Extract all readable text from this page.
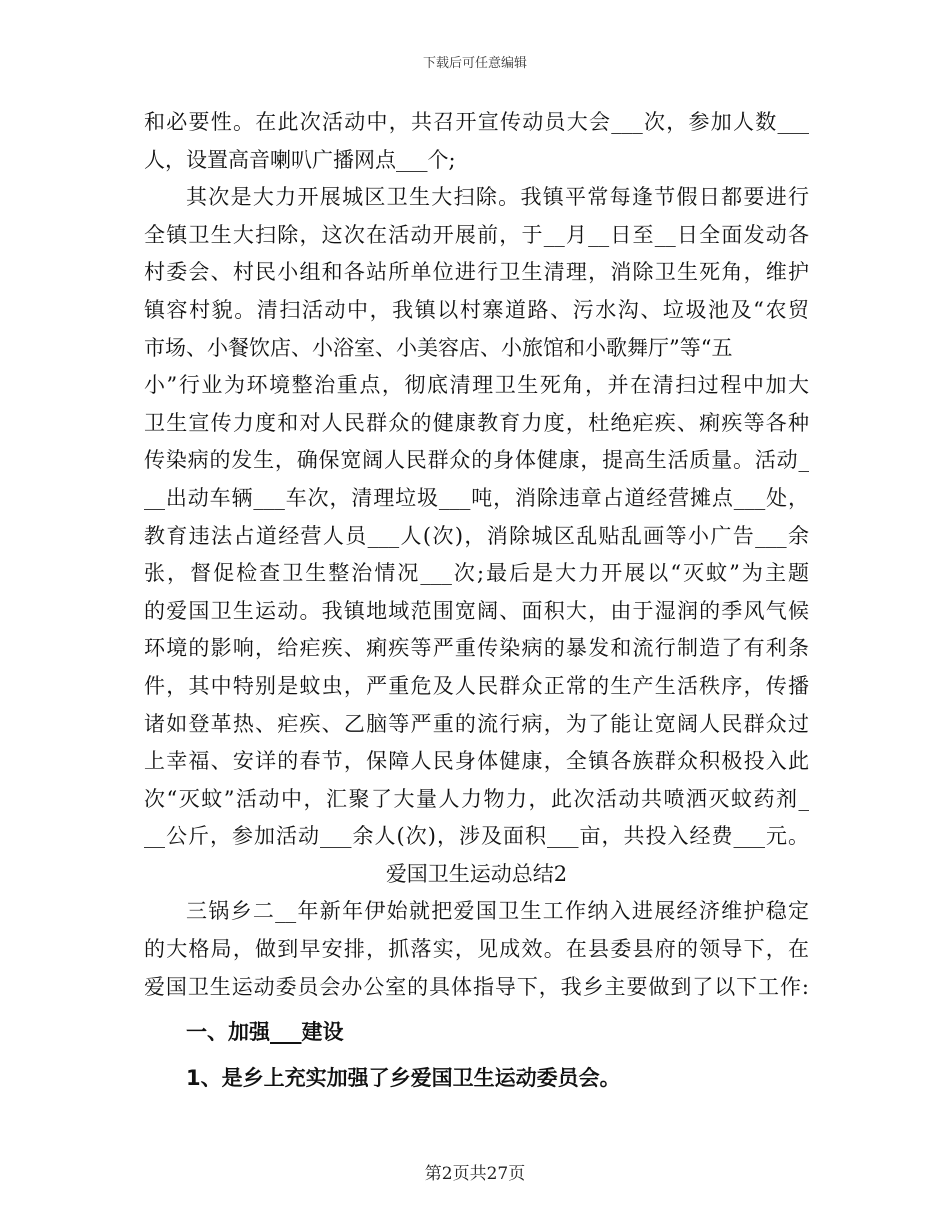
下载后可任意编辑
和必要性。在此次活动中，共召开宣传动员大会___次，参加人数___
人，设置高音喇叭广播网点___个;
其次是大力开展城区卫生大扫除。我镇平常每逢节假日都要进行
全镇卫生大扫除，这次在活动开展前，于__月__日至__日全面发动各
村委会、村民小组和各站所单位进行卫生清理，消除卫生死角，维护
镇容村貌。清扫活动中，我镇以村寨道路、污水沟、垃圾池及“农贸
市场、小餐饮店、小浴室、小美容店、小旅馆和小歌舞厅”等“五
小”行业为环境整治重点，彻底清理卫生死角，并在清扫过程中加大
卫生宣传力度和对人民群众的健康教育力度，杜绝疟疾、痢疾等各种
传染病的发生，确保宽阔人民群众的身体健康，提高生活质量。活动_
__出动车辆___车次，清理垃圾___吨，消除违章占道经营摊点___处，
教育违法占道经营人员___人(次)，消除城区乱贴乱画等小广告___余
张，督促检查卫生整治情况___次;最后是大力开展以“灭蚊”为主题
的爱国卫生运动。我镇地域范围宽阔、面积大，由于湿润的季风气候
环境的影响，给疟疾、痢疾等严重传染病的暴发和流行制造了有利条
件，其中特别是蚊虫，严重危及人民群众正常的生产生活秩序，传播
诸如登革热、疟疾、乙脑等严重的流行病，为了能让宽阔人民群众过
上幸福、安详的春节，保障人民身体健康，全镇各族群众积极投入此
次“灭蚊”活动中，汇聚了大量人力物力，此次活动共喷洒灭蚊药剂_
__公斤，参加活动___余人(次)，涉及面积___亩，共投入经费___元。
爱国卫生运动总结2
三锅乡二__年新年伊始就把爱国卫生工作纳入进展经济维护稳定
的大格局，做到早安排，抓落实，见成效。在县委县府的领导下，在
爱国卫生运动委员会办公室的具体指导下，我乡主要做到了以下工作:
一、加强___建设
1、是乡上充实加强了乡爱国卫生运动委员会。
第2页共27页
